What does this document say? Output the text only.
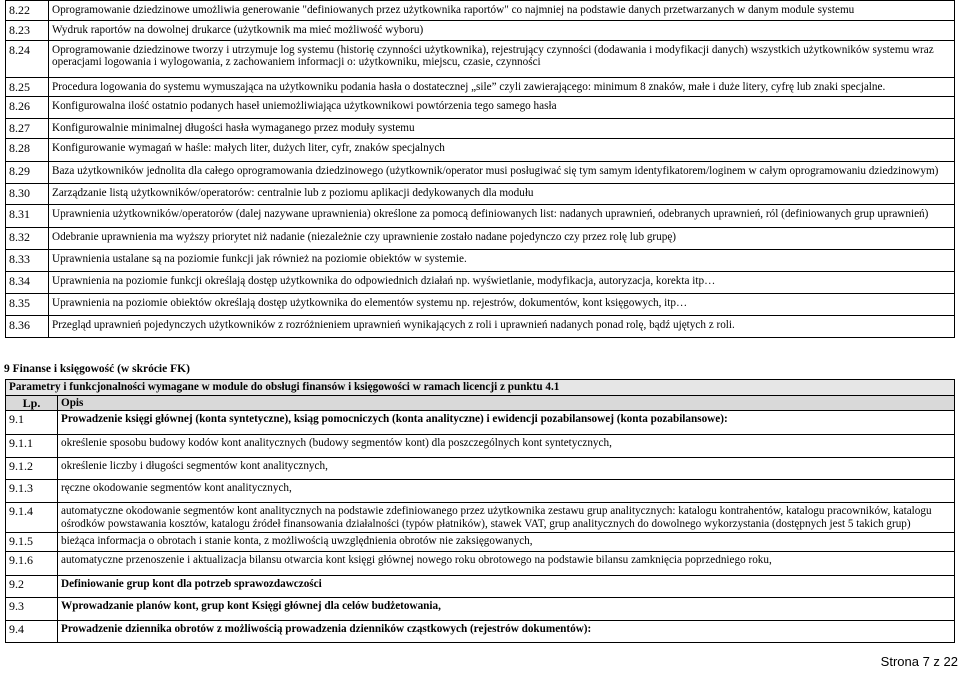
8.22	Oprogramowanie dziedzinowe umożliwia generowanie "definiowanych przez użytkownika raportów" co najmniej na podstawie danych przetwarzanych w danym module systemu
8.23	Wydruk raportów na dowolnej drukarce (użytkownik ma mieć możliwość wyboru)
8.24	Oprogramowanie dziedzinowe tworzy i utrzymuje log systemu (historię czynności użytkownika), rejestrujący czynności (dodawania i modyfikacji danych) wszystkich użytkowników systemu wraz operacjami logowania i wylogowania, z zachowaniem informacji o: użytkowniku, miejscu, czasie, czynności
8.25	Procedura logowania do systemu wymuszająca na użytkowniku podania hasła o dostatecznej „sile” czyli zawierającego: minimum 8 znaków, małe i duże litery, cyfrę lub znaki specjalne.
8.26	Konfigurowalna ilość ostatnio podanych haseł uniemożliwiająca użytkownikowi powtórzenia tego samego hasła
8.27	Konfigurowalnie minimalnej długości hasła wymaganego przez moduły systemu
8.28	Konfigurowanie wymagań w haśle: małych liter, dużych liter, cyfr, znaków specjalnych
8.29	Baza użytkowników jednolita dla całego oprogramowania dziedzinowego (użytkownik/operator musi posługiwać się tym samym identyfikatorem/loginem w całym oprogramowaniu dziedzinowym)
8.30	Zarządzanie listą użytkowników/operatorów: centralnie lub z poziomu aplikacji dedykowanych dla modułu
8.31	Uprawnienia użytkowników/operatorów (dalej nazywane uprawnienia) określone za pomocą definiowanych list: nadanych uprawnień, odebranych uprawnień, ról (definiowanych grup uprawnień)
8.32	Odebranie uprawnienia ma wyższy priorytet niż nadanie (niezależnie czy uprawnienie zostało nadane pojedynczo czy przez rolę lub grupę)
8.33	Uprawnienia ustalane są na poziomie funkcji jak również na poziomie obiektów w systemie.
8.34	Uprawnienia na poziomie funkcji określają dostęp użytkownika do odpowiednich działań np. wyświetlanie, modyfikacja, autoryzacja, korekta itp…
8.35	Uprawnienia na poziomie obiektów określają dostęp użytkownika do elementów systemu np. rejestrów, dokumentów, kont księgowych, itp…
8.36	Przegląd uprawnień pojedynczych użytkowników z rozróżnieniem uprawnień wynikających z roli i uprawnień nadanych ponad rolę, bądź ujętych z roli.
9 Finanse i księgowość (w skrócie FK)
Parametry i funkcjonalności wymagane w module do obsługi finansów i księgowości w ramach licencji z punktu 4.1	
Lp.	Opis
9.1	Prowadzenie księgi głównej (konta syntetyczne), ksiąg pomocniczych (konta analityczne) i ewidencji pozabilansowej (konta pozabilansowe):
9.1.1	określenie sposobu budowy kodów kont analitycznych (budowy segmentów kont) dla poszczególnych kont syntetycznych,
9.1.2	określenie liczby i długości segmentów kont analitycznych,
9.1.3	ręczne okodowanie segmentów kont analitycznych,
9.1.4	automatyczne okodowanie segmentów kont analitycznych na podstawie zdefiniowanego przez użytkownika zestawu grup analitycznych: katalogu kontrahentów, katalogu pracowników, katalogu ośrodków powstawania kosztów, katalogu źródeł finansowania działalności (typów płatników), stawek VAT, grup analitycznych do dowolnego wykorzystania (dostępnych jest 5 takich grup)
9.1.5	bieżąca informacja o obrotach i stanie konta, z możliwością uwzględnienia obrotów nie zaksięgowanych,
9.1.6	automatyczne przenoszenie i aktualizacja bilansu otwarcia kont księgi głównej nowego roku obrotowego na podstawie bilansu zamknięcia poprzedniego roku,
9.2	Definiowanie grup kont dla potrzeb sprawozdawczości
9.3	Wprowadzanie planów kont, grup kont Księgi głównej dla celów budżetowania,
9.4	Prowadzenie dziennika obrotów z możliwością prowadzenia dzienników cząstkowych (rejestrów dokumentów):
Strona 7 z 22
